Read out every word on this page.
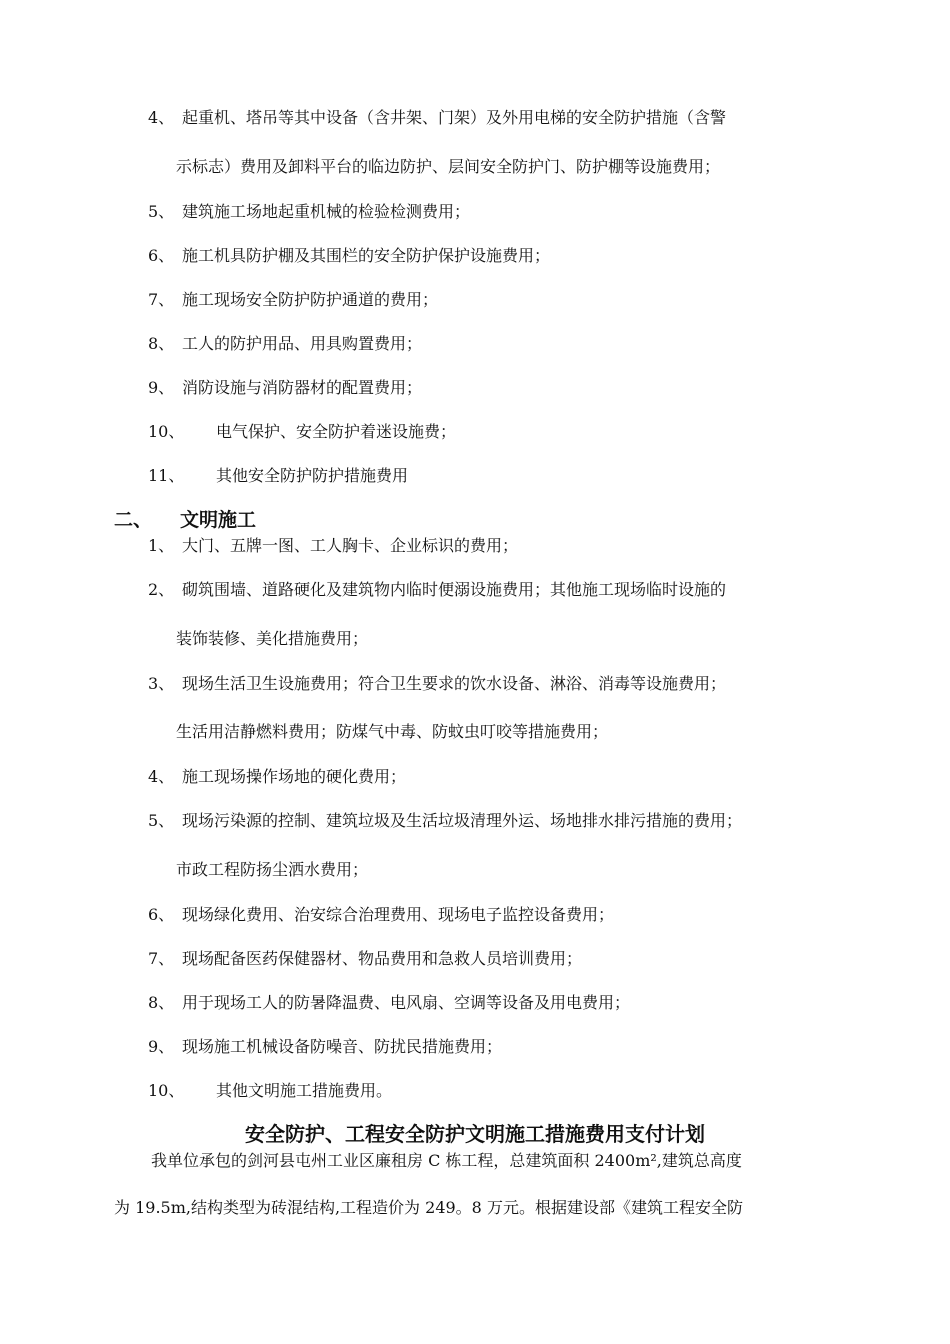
4、 起重机、塔吊等其中设备（含井架、门架）及外用电梯的安全防护措施（含警
示标志）费用及卸料平台的临边防护、层间安全防护门、防护棚等设施费用；
5、 建筑施工场地起重机械的检验检测费用；
6、 施工机具防护棚及其围栏的安全防护保护设施费用；
7、 施工现场安全防护防护通道的费用；
8、 工人的防护用品、用具购置费用；
9、 消防设施与消防器材的配置费用；
10、 电气保护、安全防护着迷设施费；
11、 其他安全防护防护措施费用
二、 文明施工
1、 大门、五牌一图、工人胸卡、企业标识的费用；
2、 砌筑围墙、道路硬化及建筑物内临时便溺设施费用；其他施工现场临时设施的
装饰装修、美化措施费用；
3、 现场生活卫生设施费用；符合卫生要求的饮水设备、淋浴、消毒等设施费用；
生活用洁静燃料费用；防煤气中毒、防蚊虫叮咬等措施费用；
4、 施工现场操作场地的硬化费用；
5、 现场污染源的控制、建筑垃圾及生活垃圾清理外运、场地排水排污措施的费用；
市政工程防扬尘洒水费用；
6、 现场绿化费用、治安综合治理费用、现场电子监控设备费用；
7、 现场配备医药保健器材、物品费用和急救人员培训费用；
8、 用于现场工人的防暑降温费、电风扇、空调等设备及用电费用；
9、 现场施工机械设备防噪音、防扰民措施费用；
10、 其他文明施工措施费用。
安全防护、工程安全防护文明施工措施费用支付计划
我单位承包的剑河县屯州工业区廉租房 C 栋工程，总建筑面积 2400m²,建筑总高度
为 19.5m,结构类型为砖混结构,工程造价为 249。8 万元。根据建设部《建筑工程安全防
